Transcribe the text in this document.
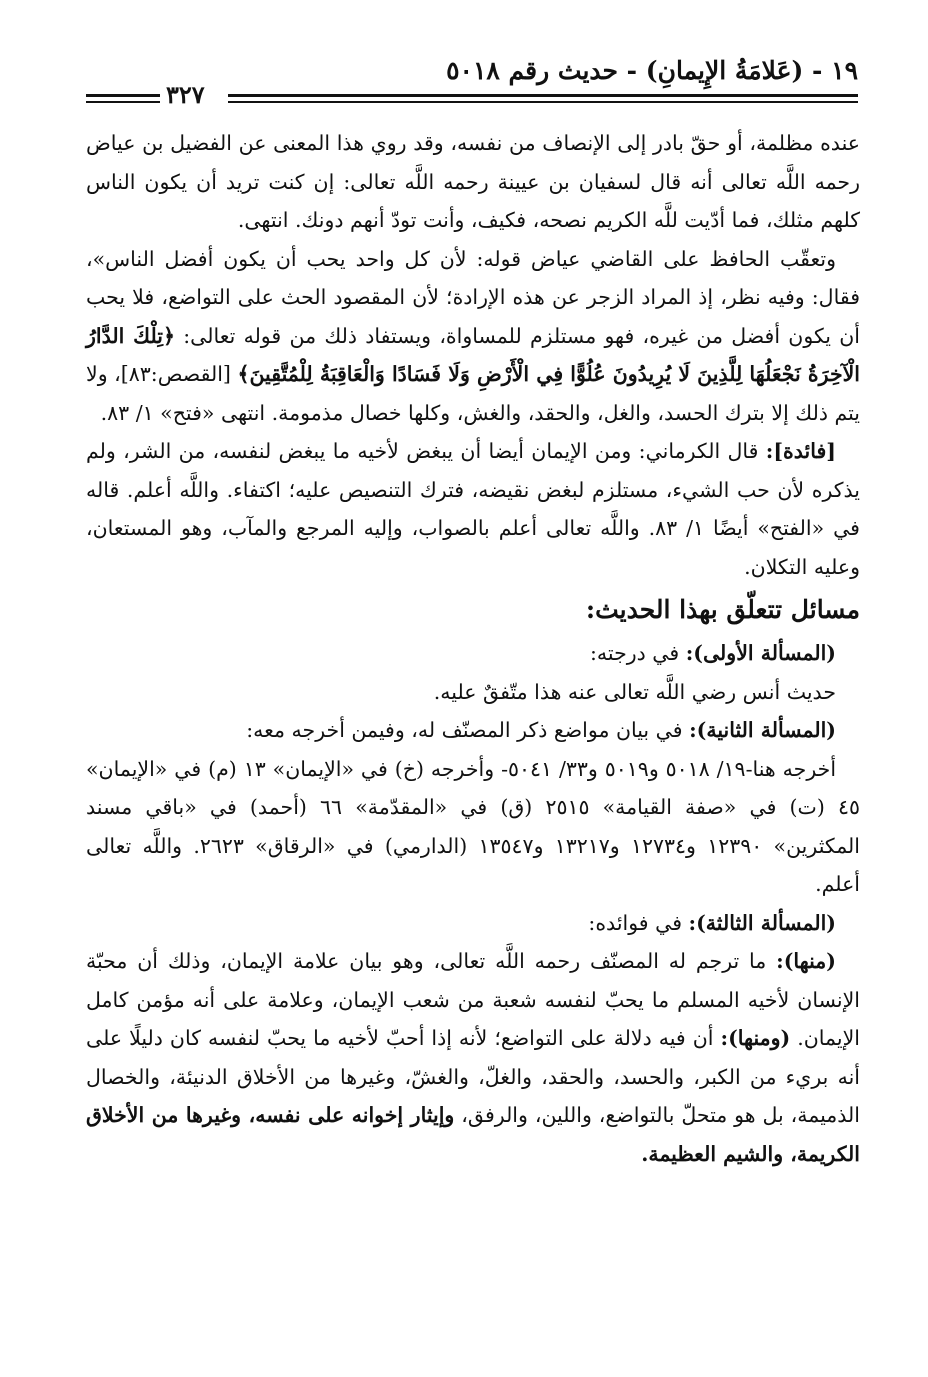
١٩ - (عَلامَةُ الإِيمانِ) - حديث رقم ٥٠١٨
٣٢٧

عنده مظلمة، أو حقّ بادر إلى الإنصاف من نفسه، وقد روي هذا المعنى عن الفضيل بن عياض رحمه اللَّه تعالى أنه قال لسفيان بن عيينة رحمه اللَّه تعالى: إن كنت تريد أن يكون الناس كلهم مثلك، فما أدّيت للَّه الكريم نصحه، فكيف، وأنت تودّ أنهم دونك. انتهى.

وتعقّب الحافظ على القاضي عياض قوله: لأن كل واحد يحب أن يكون أفضل الناس»، فقال: وفيه نظر، إذ المراد الزجر عن هذه الإرادة؛ لأن المقصود الحث على التواضع، فلا يحب أن يكون أفضل من غيره، فهو مستلزم للمساواة، ويستفاد ذلك من قوله تعالى: ﴿تِلْكَ الدَّارُ الْآخِرَةُ نَجْعَلُهَا لِلَّذِينَ لَا يُرِيدُونَ عُلُوًّا فِي الْأَرْضِ وَلَا فَسَادًا وَالْعَاقِبَةُ لِلْمُتَّقِينَ﴾ [القصص:٨٣]، ولا يتم ذلك إلا بترك الحسد، والغل، والحقد، والغش، وكلها خصال مذمومة. انتهى «فتح» ١/ ٨٣.

[فائدة]: قال الكرماني: ومن الإيمان أيضا أن يبغض لأخيه ما يبغض لنفسه، من الشر، ولم يذكره لأن حب الشيء، مستلزم لبغض نقيضه، فترك التنصيص عليه؛ اكتفاء. واللَّه أعلم. قاله في «الفتح» أيضًا ١/ ٨٣. واللَّه تعالى أعلم بالصواب، وإليه المرجع والمآب، وهو المستعان، وعليه التكلان.

مسائل تتعلّق بهذا الحديث:

(المسألة الأولى): في درجته:

حديث أنس رضي اللَّه تعالى عنه هذا متّفقٌ عليه.

(المسألة الثانية): في بيان مواضع ذكر المصنّف له، وفيمن أخرجه معه:

أخرجه هنا-١٩/ ٥٠١٨ و٥٠١٩ و٣٣/ ٥٠٤١- وأخرجه (خ) في «الإيمان» ١٣ (م) في «الإيمان» ٤٥ (ت) في «صفة القيامة» ٢٥١٥ (ق) في «المقدّمة» ٦٦ (أحمد) في «باقي مسند المكثرين» ١٢٣٩٠ و١٢٧٣٤ و١٣٢١٧ و١٣٥٤٧ (الدارمي) في «الرقاق» ٢٦٢٣. واللَّه تعالى أعلم.

(المسألة الثالثة): في فوائده:

(منها): ما ترجم له المصنّف رحمه اللَّه تعالى، وهو بيان علامة الإيمان، وذلك أن محبّة الإنسان لأخيه المسلم ما يحبّ لنفسه شعبة من شعب الإيمان، وعلامة على أنه مؤمن كامل الإيمان. (ومنها): أن فيه دلالة على التواضع؛ لأنه إذا أحبّ لأخيه ما يحبّ لنفسه كان دليلًا على أنه بريء من الكبر، والحسد، والحقد، والغلّ، والغشّ، وغيرها من الأخلاق الدنيئة، والخصال الذميمة، بل هو متحلّ بالتواضع، واللين، والرفق، وإيثار إخوانه على نفسه، وغيرها من الأخلاق الكريمة، والشيم العظيمة.
